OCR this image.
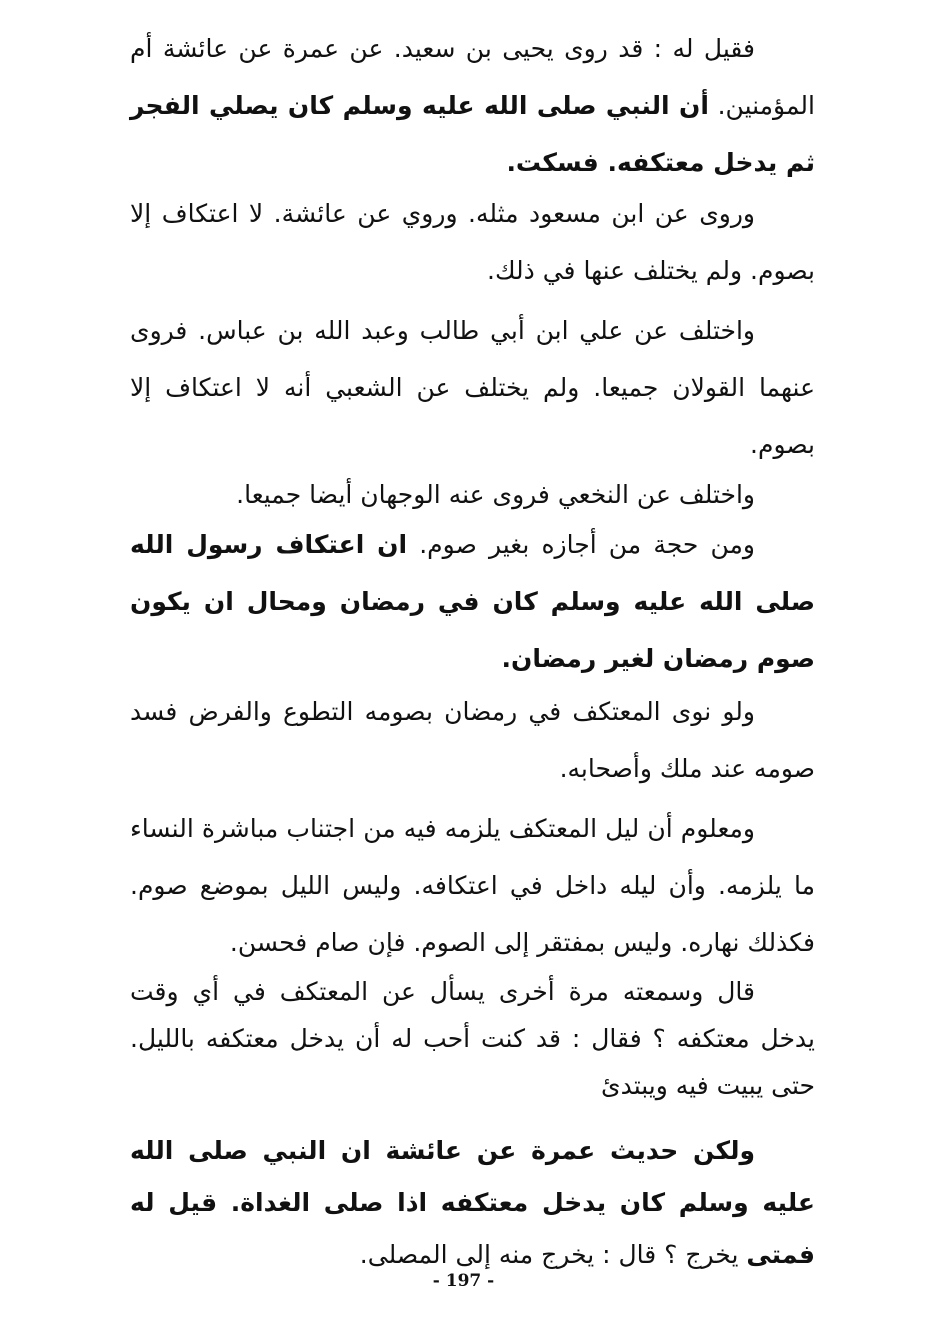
فقيل له : قد روى يحيى بن سعيد. عن عمرة عن عائشة أم المؤمنين. أن النبي صلى الله عليه وسلم كان يصلي الفجر ثم يدخل معتكفه. فسكت.
وروى عن ابن مسعود مثله. وروي عن عائشة. لا اعتكاف إلا بصوم. ولم يختلف عنها في ذلك.
واختلف عن علي ابن أبي طالب وعبد الله بن عباس. فروى عنهما القولان جميعا. ولم يختلف عن الشعبي أنه لا اعتكاف إلا بصوم.
واختلف عن النخعي فروى عنه الوجهان أيضا جميعا.
ومن حجة من أجازه بغير صوم. ان اعتكاف رسول الله صلى الله عليه وسلم كان في رمضان ومحال ان يكون صوم رمضان لغير رمضان.
ولو نوى المعتكف في رمضان بصومه التطوع والفرض فسد صومه عند ملك وأصحابه.
ومعلوم أن ليل المعتكف يلزمه فيه من اجتناب مباشرة النساء ما يلزمه. وأن ليله داخل في اعتكافه. وليس الليل بموضع صوم. فكذلك نهاره. وليس بمفتقر إلى الصوم. فإن صام فحسن.
قال وسمعته مرة أخرى يسأل عن المعتكف في أي وقت يدخل معتكفه ؟ فقال : قد كنت أحب له أن يدخل معتكفه بالليل. حتى يبيت فيه ويبتدئ
ولكن حديث عمرة عن عائشة ان النبي صلى الله عليه وسلم كان يدخل معتكفه اذا صلى الغداة. قيل له فمتى يخرج ؟ قال : يخرج منه إلى المصلى.
- 197 -
